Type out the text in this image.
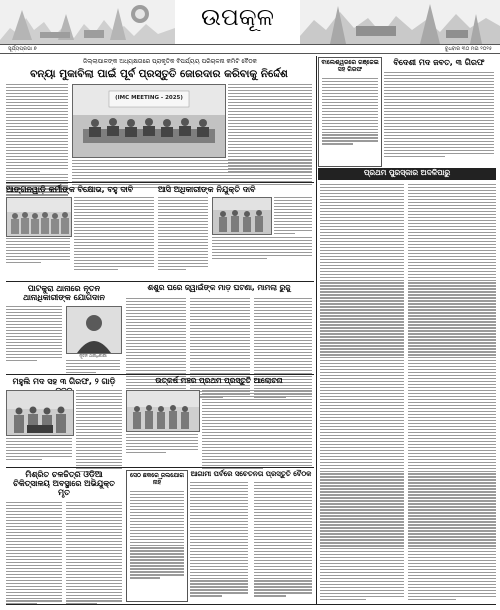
ଉପକୂଳ
ସୂର୍ଯ୍ୟପ୍ରଭା ୭	ବୁଧବାର ୩୦ ମଇ ୨୦୨୫
ଜିଲ୍ଲାପାଳଙ୍କ ଅଧ୍ୟକ୍ଷତାରେ ପ୍ରାକୃତିକ ବିପର୍ଯ୍ୟୟ ପରିଚାଳନା କମିଟି ବୈଠକ
ବନ୍ୟା ମୁକାବିଲା ପାଇଁ ପୂର୍ବ ପ୍ରସ୍ତୁତି ଜୋରଦାର କରିବାକୁ ନିର୍ଦ୍ଦେଶ
(IMC MEETING - 2025)
ଆଙ୍ଗନୱାଡ଼ି କର୍ମୀଙ୍କ ବିକ୍ଷୋଭ, ବହୁ ଦାବି	ଆସି ଅଧିକାରୀଙ୍କ ନିଯୁକ୍ତି ଦାବି
ପାଟକୁରା ଥାନାରେ ନୂତନ ଥାନାଧିକାରୀଙ୍କ ଯୋଗଦାନ
ନୂତନ ଥାନାଧିକାରୀ
ଶଶୁର ଘରେ ଜ୍ୱାଇଁଙ୍କ ମାଡ଼ ଘଟଣା, ମାମଲା ରୁଜୁ
ମହୁଲି ମଦ ସହ ୩ ଗିରଫ, ୨ ଗାଡ଼ି	ଉତ୍କର୍ଷ ମଞ୍ଚର ପ୍ରଥମ ପ୍ରସ୍ତୁତି ଆଲୋଚନା
ମିଶ୍ରିତ ଚଳଚ୍ଚିତ୍ର ଓଡ଼ିଆ ଚିକିତ୍ସାଳୟ ଅବସ୍ଥାରେ ଅଭିଯୁକ୍ତ ମୃତ
ସେଠ ଛକରେ ଜଲଯୋଗ ନାହିଁ
ଆଗାମୀ ପର୍ବରେ ସଚେତନତା ପ୍ରସ୍ତୁତି ବୈଠକ
ବାଲେଶ୍ୱରରେ ଗଞ୍ଜେଇ ସହ ଗିରଫ
ବିଦେଶୀ ମଦ ଜବତ, ୩ ଗିରଫ
ପ୍ରଥମ ପୁରସ୍କାର ଅଦଳିପାରୁ
